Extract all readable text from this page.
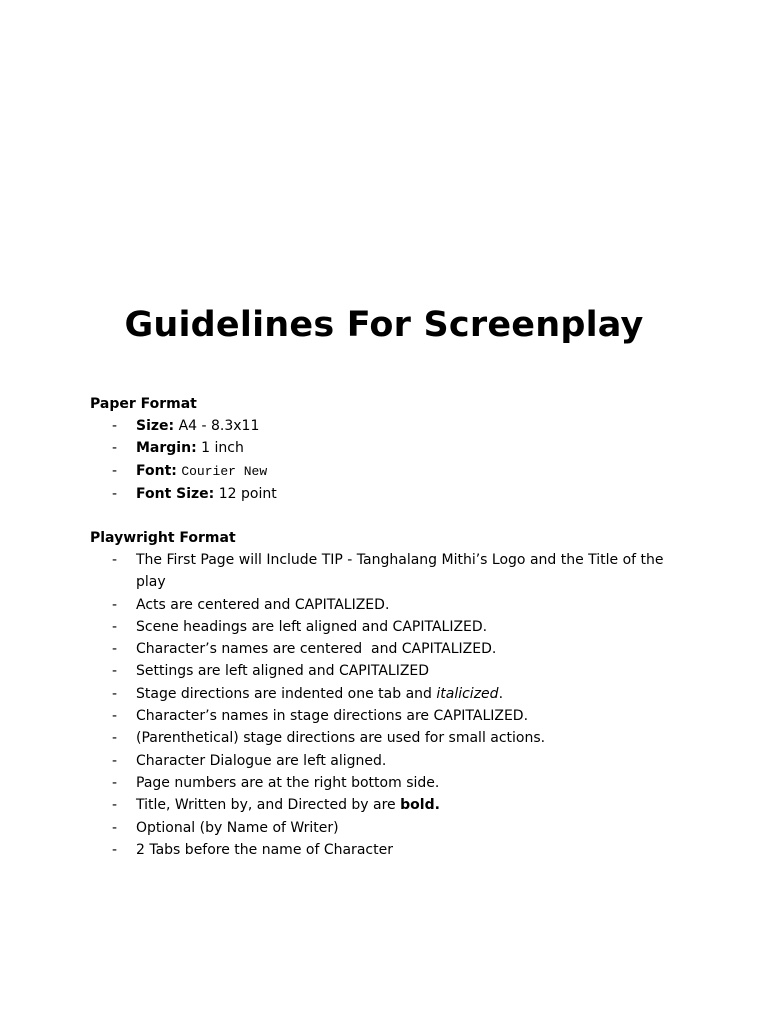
Guidelines For Screenplay
Paper Format
- Size: A4 - 8.3x11
- Margin: 1 inch
- Font: Courier New
- Font Size: 12 point
Playwright Format
- The First Page will Include TIP - Tanghalang Mithi’s Logo and the Title of the play
- Acts are centered and CAPITALIZED.
- Scene headings are left aligned and CAPITALIZED.
- Character’s names are centered  and CAPITALIZED.
- Settings are left aligned and CAPITALIZED
- Stage directions are indented one tab and italicized.
- Character’s names in stage directions are CAPITALIZED.
- (Parenthetical) stage directions are used for small actions.
- Character Dialogue are left aligned.
- Page numbers are at the right bottom side.
- Title, Written by, and Directed by are bold.
- Optional (by Name of Writer)
- 2 Tabs before the name of Character
